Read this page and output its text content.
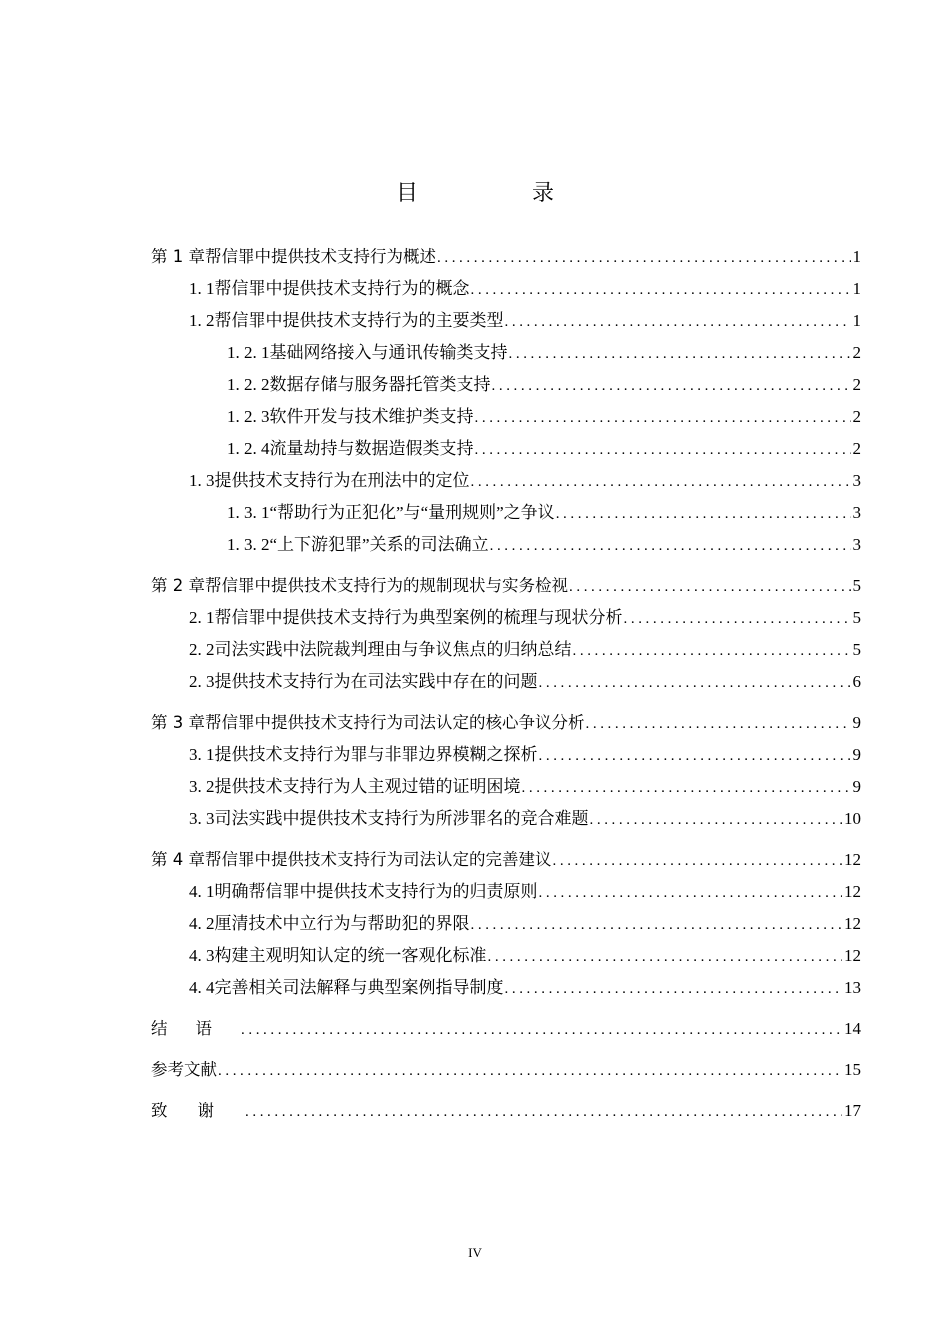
目　录
第 1 章 帮信罪中提供技术支持行为概述 .....	1
1. 1 帮信罪中提供技术支持行为的概念 .....	1
1. 2 帮信罪中提供技术支持行为的主要类型 .....	1
1. 2. 1 基础网络接入与通讯传输类支持 .....	2
1. 2. 2 数据存储与服务器托管类支持 .....	2
1. 2. 3 软件开发与技术维护类支持 .....	2
1. 2. 4 流量劫持与数据造假类支持 .....	2
1. 3 提供技术支持行为在刑法中的定位 .....	3
1. 3. 1 “帮助行为正犯化”与“量刑规则”之争议 .....	3
1. 3. 2 “上下游犯罪”关系的司法确立 .....	3
第 2 章 帮信罪中提供技术支持行为的规制现状与实务检视 .....	5
2. 1 帮信罪中提供技术支持行为典型案例的梳理与现状分析 .....	5
2. 2 司法实践中法院裁判理由与争议焦点的归纳总结 .....	5
2. 3 提供技术支持行为在司法实践中存在的问题 .....	6
第 3 章 帮信罪中提供技术支持行为司法认定的核心争议分析 .....	9
3. 1 提供技术支持行为罪与非罪边界模糊之探析 .....	9
3. 2 提供技术支持行为人主观过错的证明困境 .....	9
3. 3 司法实践中提供技术支持行为所涉罪名的竞合难题 .....	10
第 4 章 帮信罪中提供技术支持行为司法认定的完善建议 .....	12
4. 1 明确帮信罪中提供技术支持行为的归责原则 .....	12
4. 2 厘清技术中立行为与帮助犯的界限 .....	12
4. 3 构建主观明知认定的统一客观化标准 .....	12
4. 4 完善相关司法解释与典型案例指导制度 .....	13
结语 .....	14
参考文献 .....	15
致谢 .....	17
IV
